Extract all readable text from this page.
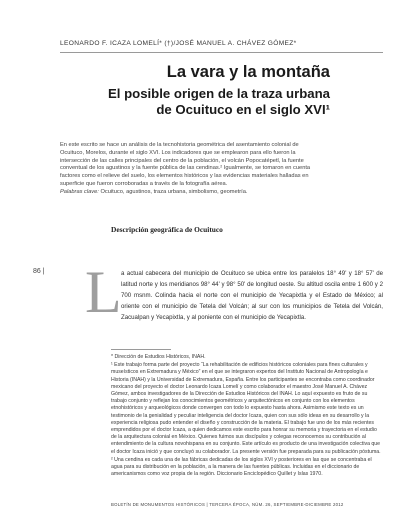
LEONARDO F. ICAZA LOMELÍ* (†)/JOSÉ MANUEL A. CHÁVEZ GÓMEZ*
La vara y la montaña
El posible origen de la traza urbana
de Ocuituco en el siglo XVI¹

En este escrito se hace un análisis de la tecnohistoria geométrica del asentamiento colonial de Ocuituco, Morelos, durante el siglo XVI. Los indicadores que se emplearon para ello fueron la intersección de las calles principales del centro de la población, el volcán Popocatépetl, la fuente conventual de los agustinos y la fuente pública de las cendinas.² Igualmente, se tomaron en cuenta factores como el relieve del suelo, los elementos históricos y las evidencias materiales halladas en superficie que fueron corroboradas a través de la fotografía aérea.

Palabras clave: Ocuituco, agustinos, traza urbana, simbolismo, geometría.

Descripción geográfica de Ocuituco
86 | L a actual cabecera del municipio de Ocuituco se ubica entre los paralelos 18° 49' y 18° 57' de latitud norte y los meridianos 98° 44' y 98° 50' de longitud oeste. Su altitud oscila entre 1 600 y 2 700 msnm. Colinda hacia el norte con el municipio de Yecapixtla y el Estado de México; al oriente con el municipio de Tetela del Volcán; al sur con los municipios de Tetela del Volcán, Zacualpan y Yecapixtla, y al poniente con el municipio de Yecapixtla.

* Dirección de Estudios Históricos, INAH.

¹ Este trabajo forma parte del proyecto “La rehabilitación de edificios históricos coloniales para fines culturales y museísticos en Extremadura y México” en el que se integraron expertos del Instituto Nacional de Antropología e Historia (INAH) y la Universidad de Extremadura, España. Entre los participantes se encontraba como coordinador mexicano del proyecto el doctor Leonardo Icaza Lomelí y como colaborador el maestro José Manuel A. Chávez Gómez, ambos investigadores de la Dirección de Estudios Históricos del INAH. Lo aquí expuesto es fruto de su trabajo conjunto y reflejan los conocimientos geométricos y arquitectónicos en conjunto con los elementos etnohistóricos y arqueológicos donde convergen con todo lo expuesto hasta ahora. Asimismo este texto es un testimonio de la genialidad y peculiar inteligencia del doctor Icaza, quien con sus sólo ideas en su desarrollo y la experiencia religiosa pudo entender el diseño y construcción de la materia. El trabajo fue uno de los más recientes emprendidos por el doctor Icaza, a quien dedicamos este escrito para honrar su memoria y trayectoria en el estudio de la arquitectura colonial en México. Quienes fuimos sus discípulos y colegas reconocemos su contribución al entendimiento de la cultura novohispana en su conjunto. Este artículo es producto de una investigación colectiva que el doctor Icaza inició y que concluyó su colaborador. La presente versión fue preparada para su publicación póstuma.

² Una cendina es cada una de las fábricas dedicadas de los siglos XVI y posteriores en las que se concentraba el agua para su distribución en la población, a la manera de las fuentes públicas. Incluidas en el diccionario de americanismos como voz propia de la región. Diccionario Enciclopédico Quillet y Islas 1970.

BOLETÍN DE MONUMENTOS HISTÓRICOS | TERCERA ÉPOCA, NÚM. 26, SEPTIEMBRE-DICIEMBRE 2012
